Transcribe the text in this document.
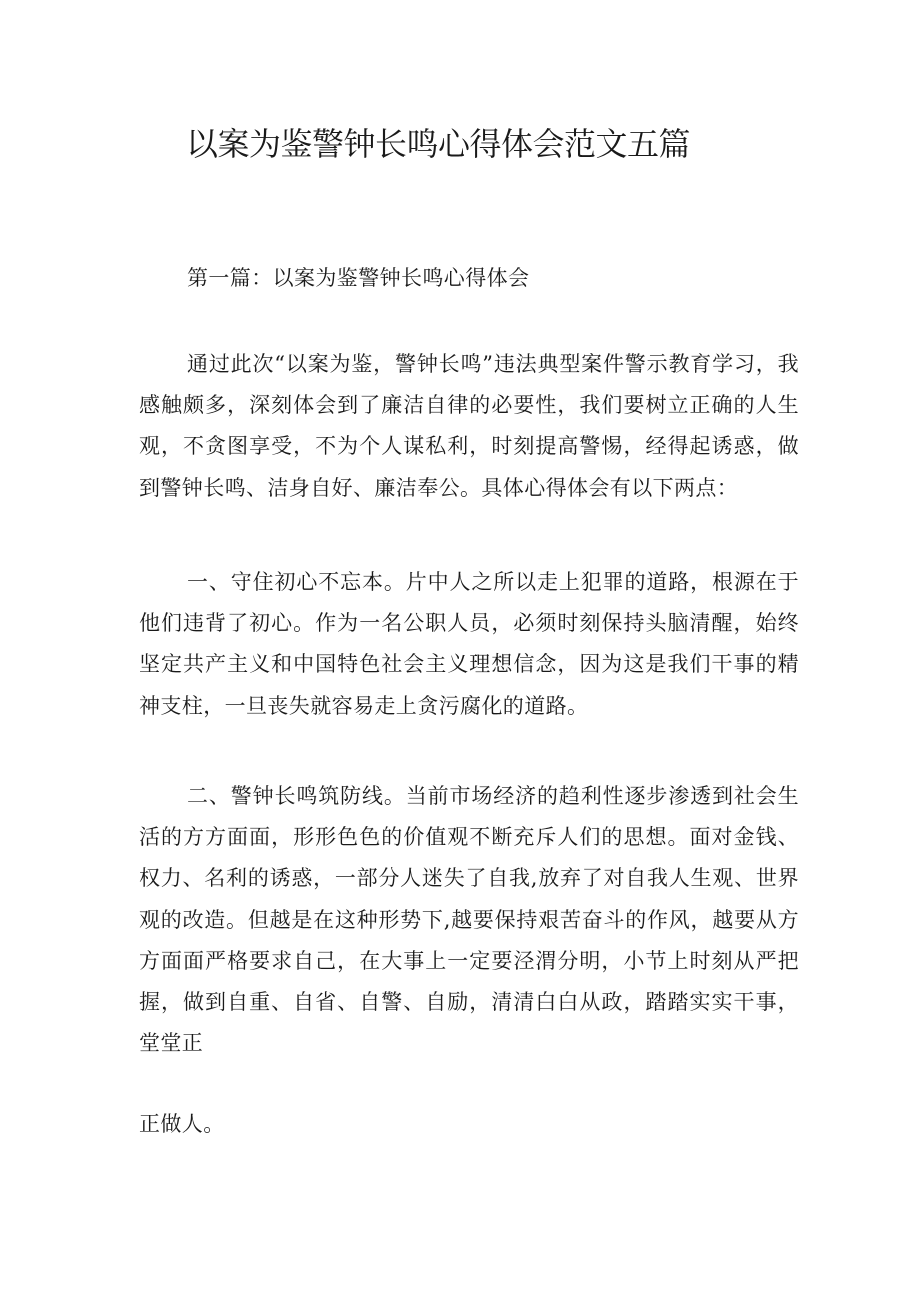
以案为鉴警钟长鸣心得体会范文五篇

第一篇：以案为鉴警钟长鸣心得体会

通过此次“以案为鉴，警钟长鸣”违法典型案件警示教育学习，我感触颇多，深刻体会到了廉洁自律的必要性，我们要树立正确的人生观，不贪图享受，不为个人谋私利，时刻提高警惕，经得起诱惑，做到警钟长鸣、洁身自好、廉洁奉公。具体心得体会有以下两点：

一、守住初心不忘本。片中人之所以走上犯罪的道路，根源在于他们违背了初心。作为一名公职人员，必须时刻保持头脑清醒，始终坚定共产主义和中国特色社会主义理想信念，因为这是我们干事的精神支柱，一旦丧失就容易走上贪污腐化的道路。

二、警钟长鸣筑防线。当前市场经济的趋利性逐步渗透到社会生活的方方面面，形形色色的价值观不断充斥人们的思想。面对金钱、权力、名利的诱惑，一部分人迷失了自我,放弃了对自我人生观、世界观的改造。但越是在这种形势下,越要保持艰苦奋斗的作风，越要从方方面面严格要求自己，在大事上一定要泾渭分明，小节上时刻从严把握，做到自重、自省、自警、自励，清清白白从政，踏踏实实干事，堂堂正

正做人。
